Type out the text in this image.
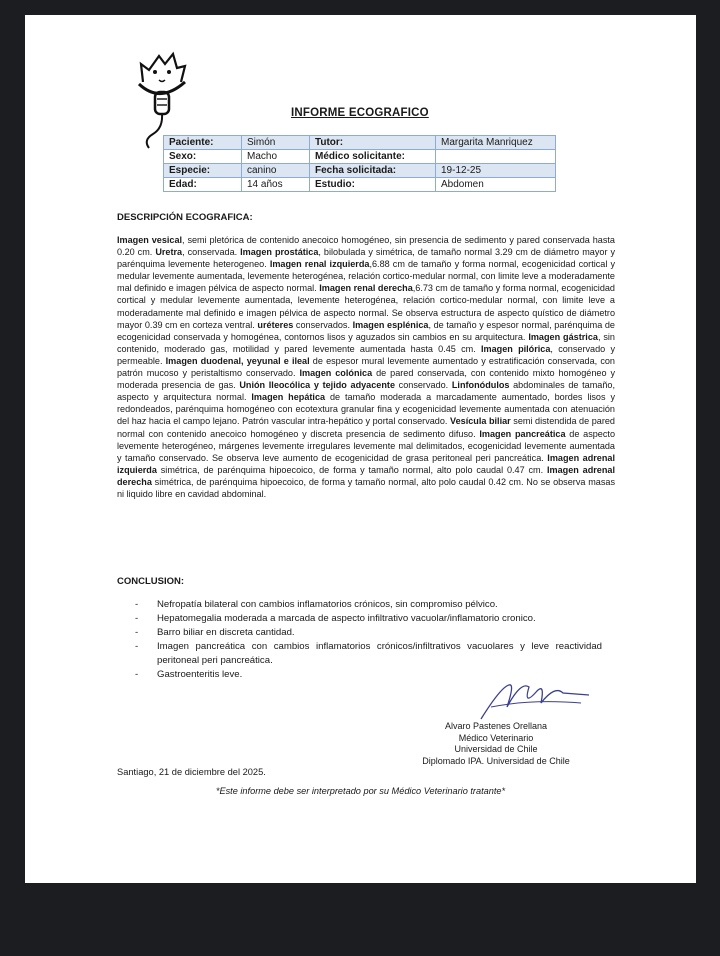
INFORME ECOGRAFICO
Paciente:	Simón	Tutor:	Margarita Manriquez
Sexo:	Macho	Médico solicitante:	
Especie:	canino	Fecha solicitada:	19-12-25
Edad:	14 años	Estudio:	Abdomen
DESCRIPCIÓN ECOGRAFICA:
Imagen vesical, semi pletórica de contenido anecoico homogéneo, sin presencia de sedimento y pared conservada hasta 0.20 cm. Uretra, conservada. Imagen prostática, bilobulada y simétrica, de tamaño normal 3.29 cm de diámetro mayor y parénquima levemente heterogeneo. Imagen renal izquierda,6.88 cm de tamaño y forma normal, ecogenicidad cortical y medular levemente aumentada, levemente heterogénea, relación cortico-medular normal, con limite leve a moderadamente mal definido e imagen pélvica de aspecto normal. Imagen renal derecha,6.73 cm de tamaño y forma normal, ecogenicidad cortical y medular levemente aumentada, levemente heterogénea, relación cortico-medular normal, con limite leve a moderadamente mal definido e imagen pélvica de aspecto normal. Se observa estructura de aspecto quístico de diámetro mayor 0.39 cm en corteza ventral. uréteres conservados. Imagen esplénica, de tamaño y espesor normal, parénquima de ecogenicidad conservada y homogénea, contornos lisos y aguzados sin cambios en su arquitectura. Imagen gástrica, sin contenido, moderado gas, motilidad y pared levemente aumentada hasta 0.45 cm. Imagen pilórica, conservado y permeable. Imagen duodenal, yeyunal e ileal de espesor mural levemente aumentado y estratificación conservada, con patrón mucoso y peristaltismo conservado. Imagen colónica de pared conservada, con contenido mixto homogéneo y moderada presencia de gas. Unión Ileocólica y tejido adyacente conservado. Linfonódulos abdominales de tamaño, aspecto y arquitectura normal. Imagen hepática de tamaño moderada a marcadamente aumentado, bordes lisos y redondeados, parénquima homogéneo con ecotextura granular fina y ecogenicidad levemente aumentada con atenuación del haz hacia el campo lejano. Patrón vascular intra-hepático y portal conservado. Vesícula biliar semi distendida de pared normal con contenido anecoico homogéneo y discreta presencia de sedimento difuso. Imagen pancreática de aspecto levemente heterogéneo, márgenes levemente irregulares levemente mal delimitados, ecogenicidad levemente aumentada y tamaño conservado. Se observa leve aumento de ecogenicidad de grasa peritoneal peri pancreática. Imagen adrenal izquierda simétrica, de parénquima hipoecoico, de forma y tamaño normal, alto polo caudal 0.47 cm. Imagen adrenal derecha simétrica, de parénquima hipoecoico, de forma y tamaño normal, alto polo caudal 0.42 cm. No se observa masas ni liquido libre en cavidad abdominal.
CONCLUSION:
- Nefropatía bilateral con cambios inflamatorios crónicos, sin compromiso pélvico.
- Hepatomegalia moderada a marcada de aspecto infiltrativo vacuolar/inflamatorio cronico.
- Barro biliar en discreta cantidad.
- Imagen pancreática con cambios inflamatorios crónicos/infiltrativos vacuolares y leve reactividad peritoneal peri pancreática.
- Gastroenteritis leve.
Alvaro Pastenes Orellana
Médico Veterinario
Universidad de Chile
Diplomado IPA. Universidad de Chile
Santiago, 21 de diciembre del 2025.
*Este informe debe ser interpretado por su Médico Veterinario tratante*
